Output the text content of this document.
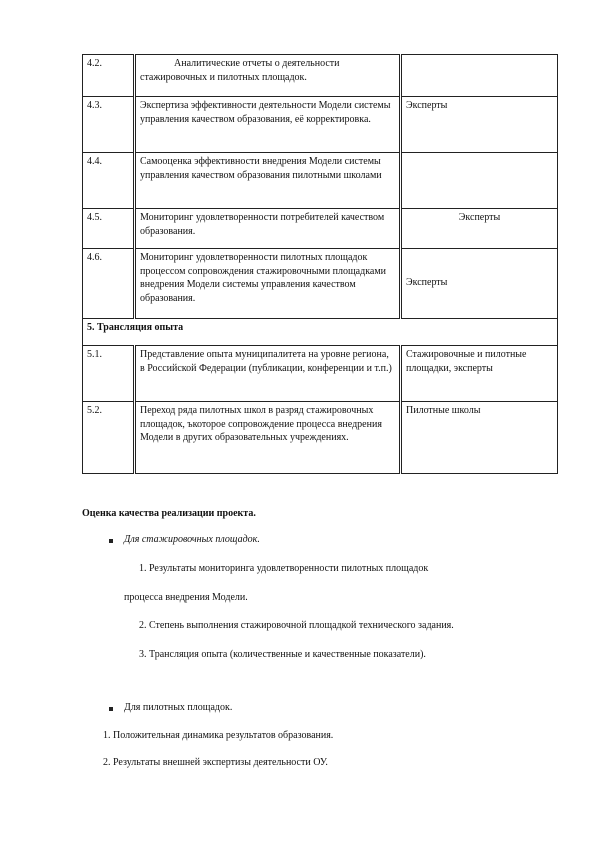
4.2.	Аналитические отчеты о деятельности стажировочных и пилотных площадок.	

4.3.	Экспертиза эффективности деятельности Модели системы управления качеством образования, её корректировка.	Эксперты
4.4.	Самооценка эффективности внедрения Модели системы управления качеством образования пилотными школами	
4.5.	Мониторинг удовлетворенности потребителей качеством образования.	Эксперты
4.6.	Мониторинг удовлетворенности пилотных площадок процессом сопровождения стажировочными площадками внедрения Модели системы управления качеством образования.	Эксперты
5. Трансляция опыта		
5.1.	Представление опыта муниципалитета на уровне региона, в Российской Федерации (публикации, конференции и т.п.)	Стажировочные и пилотные площадки, эксперты
5.2.	Переход ряда пилотных школ в разряд стажировочных площадок, ъкоторое сопровождение процесса внедрения Модели в других образовательных учреждениях.	Пилотные школы
Оценка качества реализации проекта.
Для стажировочных площадок.
1. Результаты мониторинга удовлетворенности пилотных площадок
процесса внедрения Модели.
2. Степень выполнения стажировочной площадкой технического задания.
3. Трансляция опыта (количественные и качественные показатели).
Для пилотных площадок.
1. Положительная динамика результатов образования.
2. Результаты внешней экспертизы деятельности ОУ.
